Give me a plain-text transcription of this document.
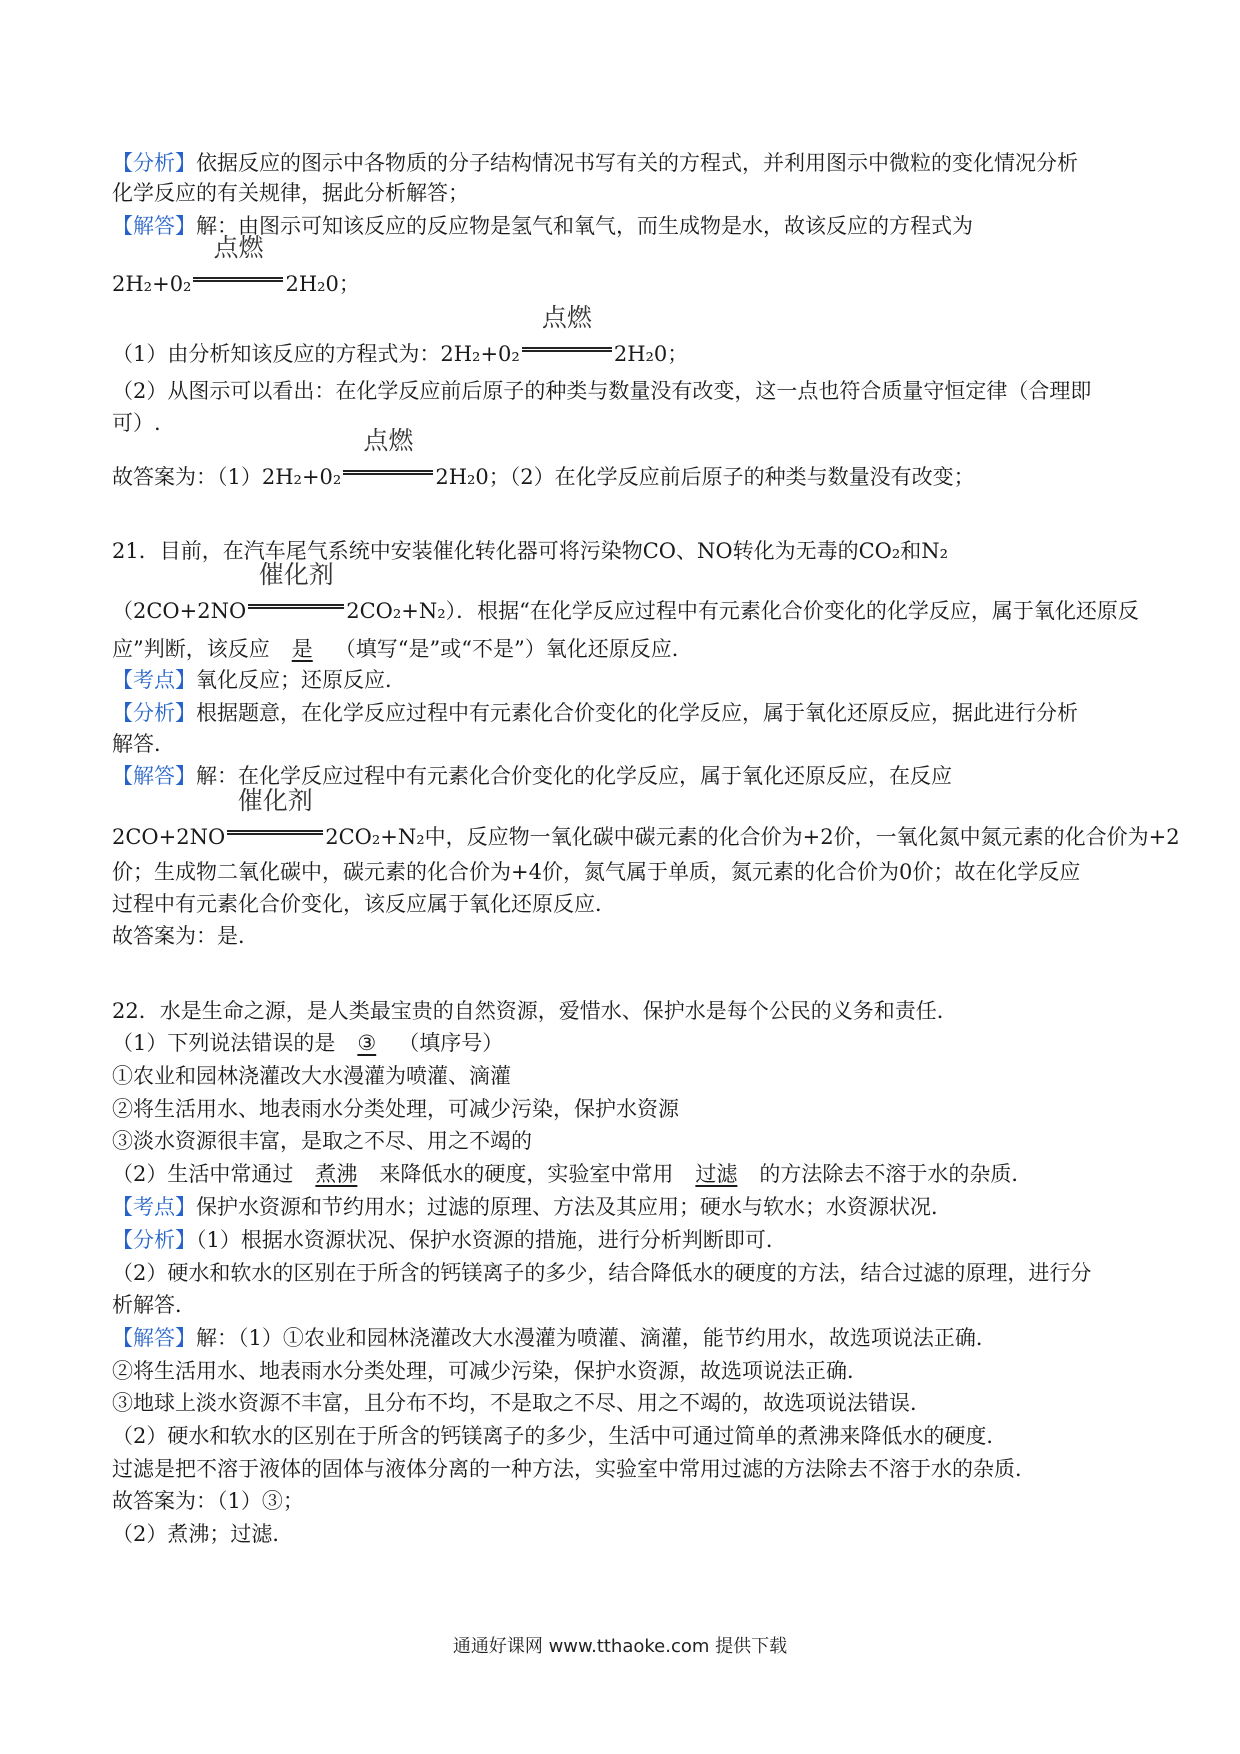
【分析】依据反应的图示中各物质的分子结构情况书写有关的方程式，并利用图示中微粒的变化情况分析
化学反应的有关规律，据此分析解答；
【解答】解：由图示可知该反应的反应物是氢气和氧气，而生成物是水，故该反应的方程式为
2H₂+0₂
点燃
2H₂0；
（1）由分析知该反应的方程式为：2H₂+0₂
点燃
2H₂0；
（2）从图示可以看出：在化学反应前后原子的种类与数量没有改变，这一点也符合质量守恒定律（合理即
可）.
故答案为：（1）2H₂+0₂
点燃
2H₂0；（2）在化学反应前后原子的种类与数量没有改变；
21．目前，在汽车尾气系统中安装催化转化器可将污染物CO、NO转化为无毒的CO₂和N₂
（2CO+2NO
催化剂
2CO₂+N₂）．根据“在化学反应过程中有元素化合价变化的化学反应，属于氧化还原反
应”判断，该反应 是 （填写“是”或“不是”）氧化还原反应．
【考点】氧化反应；还原反应．
【分析】根据题意，在化学反应过程中有元素化合价变化的化学反应，属于氧化还原反应，据此进行分析
解答．
【解答】解：在化学反应过程中有元素化合价变化的化学反应，属于氧化还原反应，在反应
2CO+2NO
催化剂
2CO₂+N₂中，反应物一氧化碳中碳元素的化合价为+2价，一氧化氮中氮元素的化合价为+2
价；生成物二氧化碳中，碳元素的化合价为+4价，氮气属于单质，氮元素的化合价为0价；故在化学反应
过程中有元素化合价变化，该反应属于氧化还原反应．
故答案为：是．
22．水是生命之源，是人类最宝贵的自然资源，爱惜水、保护水是每个公民的义务和责任．
（1）下列说法错误的是 ③ （填序号）
①农业和园林浇灌改大水漫灌为喷灌、滴灌
②将生活用水、地表雨水分类处理，可减少污染，保护水资源
③淡水资源很丰富，是取之不尽、用之不竭的
（2）生活中常通过 煮沸 来降低水的硬度，实验室中常用 过滤 的方法除去不溶于水的杂质．
【考点】保护水资源和节约用水；过滤的原理、方法及其应用；硬水与软水；水资源状况．
【分析】（1）根据水资源状况、保护水资源的措施，进行分析判断即可．
（2）硬水和软水的区别在于所含的钙镁离子的多少，结合降低水的硬度的方法，结合过滤的原理，进行分
析解答．
【解答】解：（1）①农业和园林浇灌改大水漫灌为喷灌、滴灌，能节约用水，故选项说法正确．
②将生活用水、地表雨水分类处理，可减少污染，保护水资源，故选项说法正确．
③地球上淡水资源不丰富，且分布不均，不是取之不尽、用之不竭的，故选项说法错误．
（2）硬水和软水的区别在于所含的钙镁离子的多少，生活中可通过简单的煮沸来降低水的硬度．
过滤是把不溶于液体的固体与液体分离的一种方法，实验室中常用过滤的方法除去不溶于水的杂质．
故答案为：（1）③；
（2）煮沸；过滤．
通通好课网 www.tthaoke.com 提供下载
